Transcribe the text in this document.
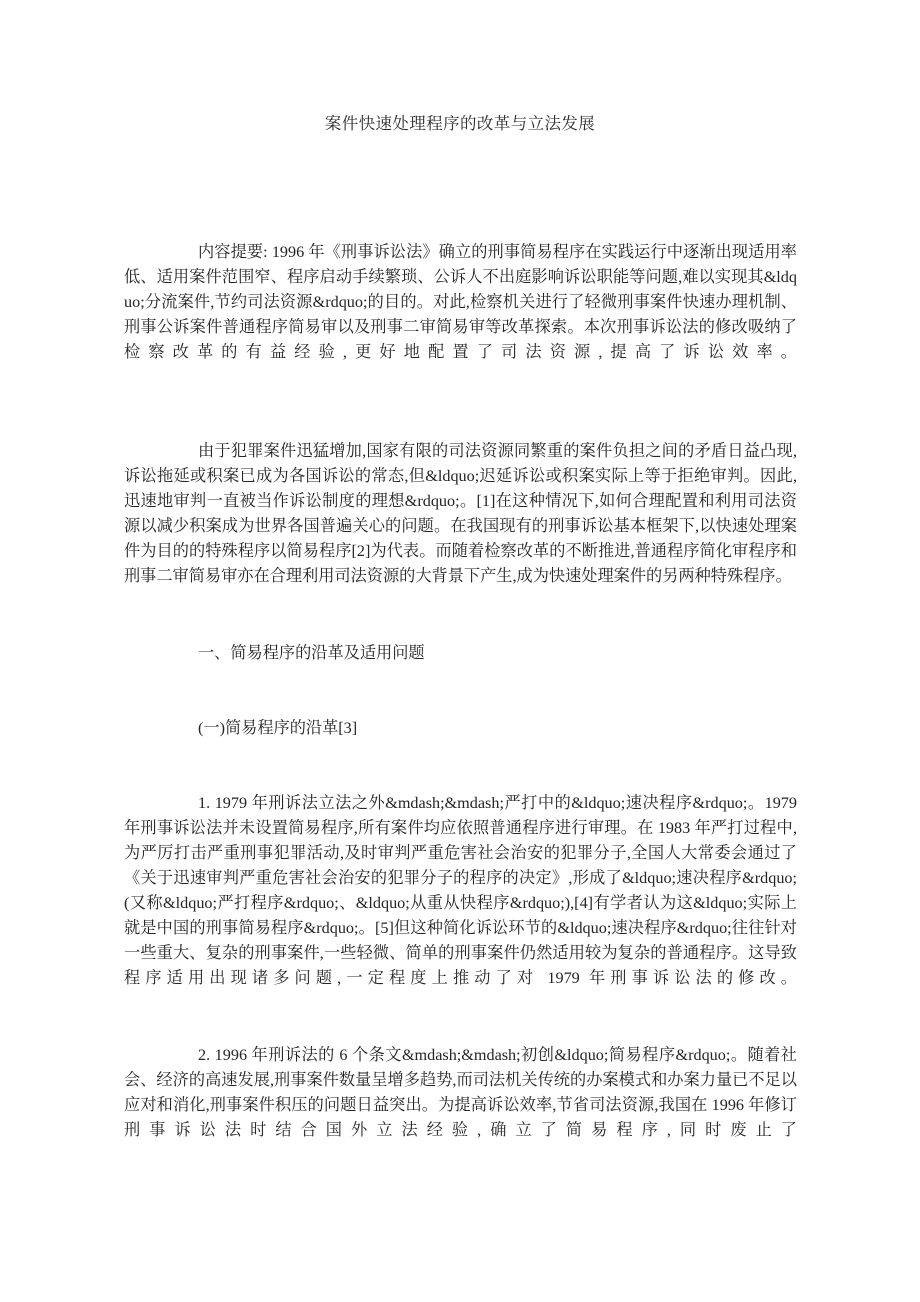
案件快速处理程序的改革与立法发展

内容提要: 1996 年《刑事诉讼法》确立的刑事简易程序在实践运行中逐渐出现适用率低、适用案件范围窄、程序启动手续繁琐、公诉人不出庭影响诉讼职能等问题,难以实现其&ldquo;分流案件,节约司法资源&rdquo;的目的。对此,检察机关进行了轻微刑事案件快速办理机制、刑事公诉案件普通程序简易审以及刑事二审简易审等改革探索。本次刑事诉讼法的修改吸纳了检察改革的有益经验,更好地配置了司法资源,提高了诉讼效率。

由于犯罪案件迅猛增加,国家有限的司法资源同繁重的案件负担之间的矛盾日益凸现,诉讼拖延或积案已成为各国诉讼的常态,但&ldquo;迟延诉讼或积案实际上等于拒绝审判。因此,迅速地审判一直被当作诉讼制度的理想&rdquo;。[1]在这种情况下,如何合理配置和利用司法资源以减少积案成为世界各国普遍关心的问题。在我国现有的刑事诉讼基本框架下,以快速处理案件为目的的特殊程序以简易程序[2]为代表。而随着检察改革的不断推进,普通程序简化审程序和刑事二审简易审亦在合理利用司法资源的大背景下产生,成为快速处理案件的另两种特殊程序。

一、简易程序的沿革及适用问题

(一)简易程序的沿革[3]

1. 1979 年刑诉法立法之外&mdash;&mdash;严打中的&ldquo;速决程序&rdquo;。1979 年刑事诉讼法并未设置简易程序,所有案件均应依照普通程序进行审理。在 1983 年严打过程中,为严厉打击严重刑事犯罪活动,及时审判严重危害社会治安的犯罪分子,全国人大常委会通过了《关于迅速审判严重危害社会治安的犯罪分子的程序的决定》,形成了&ldquo;速决程序&rdquo;(又称&ldquo;严打程序&rdquo;、&ldquo;从重从快程序&rdquo;),[4]有学者认为这&ldquo;实际上就是中国的刑事简易程序&rdquo;。[5]但这种简化诉讼环节的&ldquo;速决程序&rdquo;往往针对一些重大、复杂的刑事案件,一些轻微、简单的刑事案件仍然适用较为复杂的普通程序。这导致程序适用出现诸多问题,一定程度上推动了对 1979 年刑事诉讼法的修改。

2. 1996 年刑诉法的 6 个条文&mdash;&mdash;初创&ldquo;简易程序&rdquo;。随着社会、经济的高速发展,刑事案件数量呈增多趋势,而司法机关传统的办案模式和办案力量已不足以应对和消化,刑事案件积压的问题日益突出。为提高诉讼效率,节省司法资源,我国在 1996 年修订刑事诉讼法时结合国外立法经验,确立了简易程序,同时废止了
